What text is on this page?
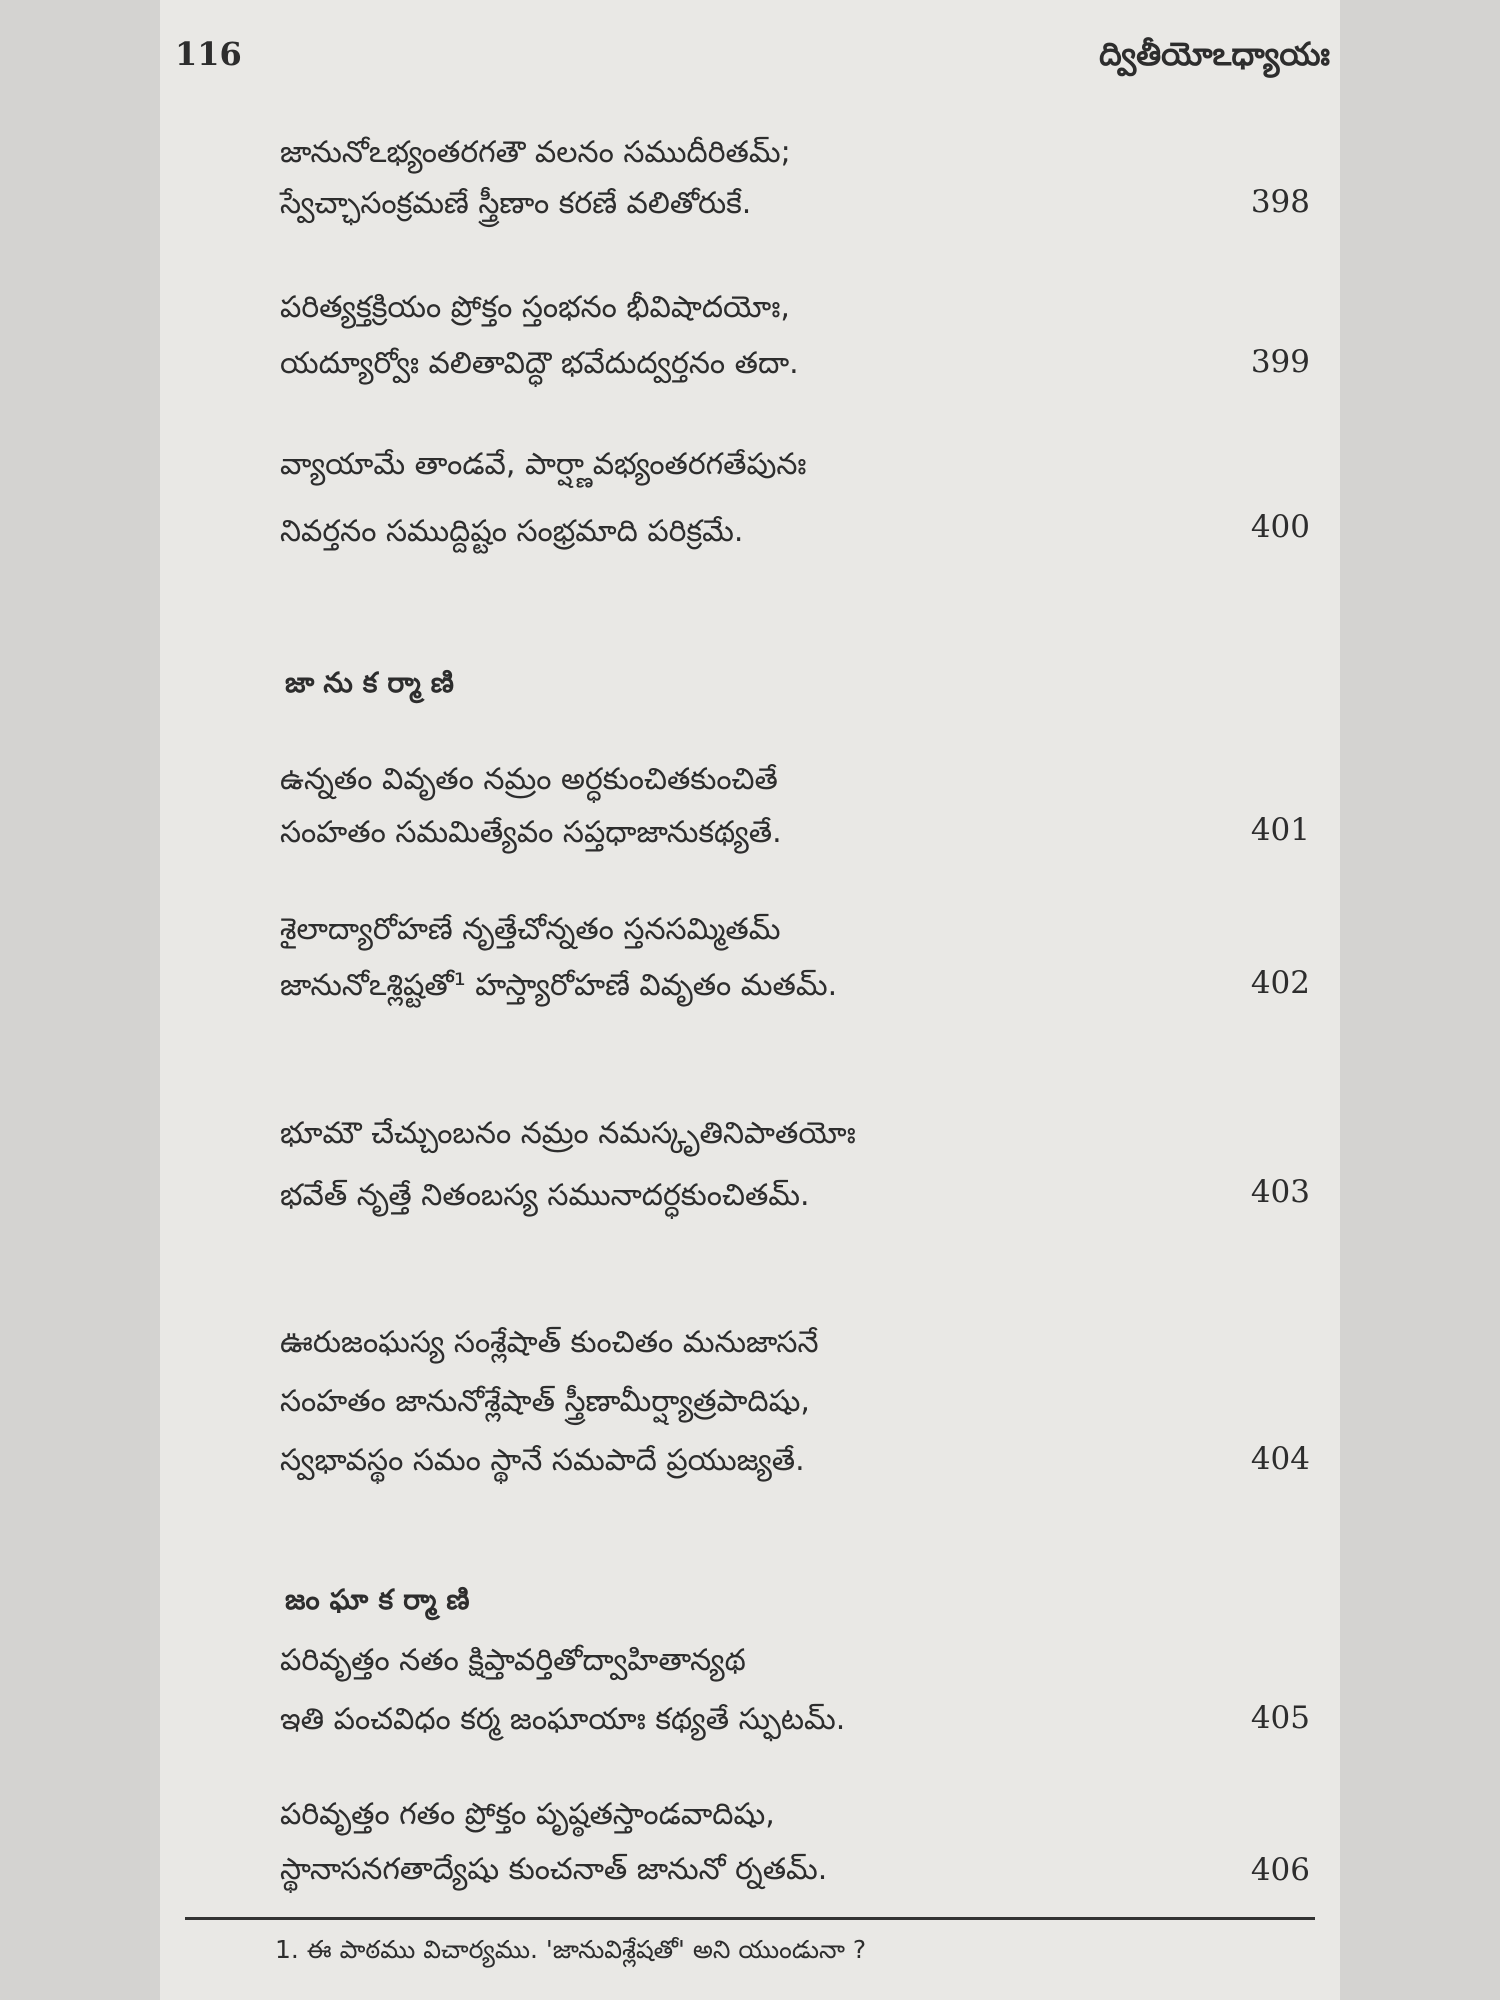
116	ద్వితీయోఽధ్యాయః
జానునోఽభ్యంతరగతౌ వలనం సముదీరితమ్;
స్వేచ్ఛాసంక్రమణే స్త్రీణాం కరణే వలితోరుకే.	398
పరిత్యక్తక్రియం ప్రోక్తం స్తంభనం భీవిషాదయోః,
యద్యూర్వోః వలితావిద్ధౌ భవేదుద్వర్తనం తదా.	399
వ్యాయామే తాండవే, పార్ష్ణావభ్యంతరగతేపునః
నివర్తనం సముద్దిష్టం సంభ్రమాది పరిక్రమే.	400
జానుకర్మాణి
ఉన్నతం వివృతం నమ్రం అర్ధకుంచితకుంచితే
సంహతం సమమిత్యేవం సప్తధాజానుకథ్యతే.	401
శైలాద్యారోహణే నృత్తేచోన్నతం స్తనసమ్మితమ్
జానునోఽశ్లిష్టతో¹ హస్త్యారోహణే వివృతం మతమ్.	402
భూమౌ చేచ్చుంబనం నమ్రం నమస్కృతినిపాతయోః
భవేత్ నృత్తే నితంబస్య సమునాదర్ధకుంచితమ్.	403
ఊరుజంఘస్య సంశ్లేషాత్ కుంచితం మనుజాసనే
సంహతం జానునోశ్లేషాత్ స్త్రీణామీర్ష్యాత్రపాదిషు,
స్వభావస్థం సమం స్థానే సమపాదే ప్రయుజ్యతే.	404
జంఘాకర్మాణి
పరివృత్తం నతం క్షిప్తావర్తితోద్వాహితాన్యథ
ఇతి పంచవిధం కర్మ జంఘాయాః కథ్యతే స్ఫుటమ్.	405
పరివృత్తం గతం ప్రోక్తం పృష్ఠతస్తాండవాదిషు,
స్థానాసనగతాద్యేషు కుంచనాత్ జానునో ర్నతమ్.	406
1. ఈ పాఠము విచార్యము. 'జానువిశ్లేషతో' అని యుండునా ?
